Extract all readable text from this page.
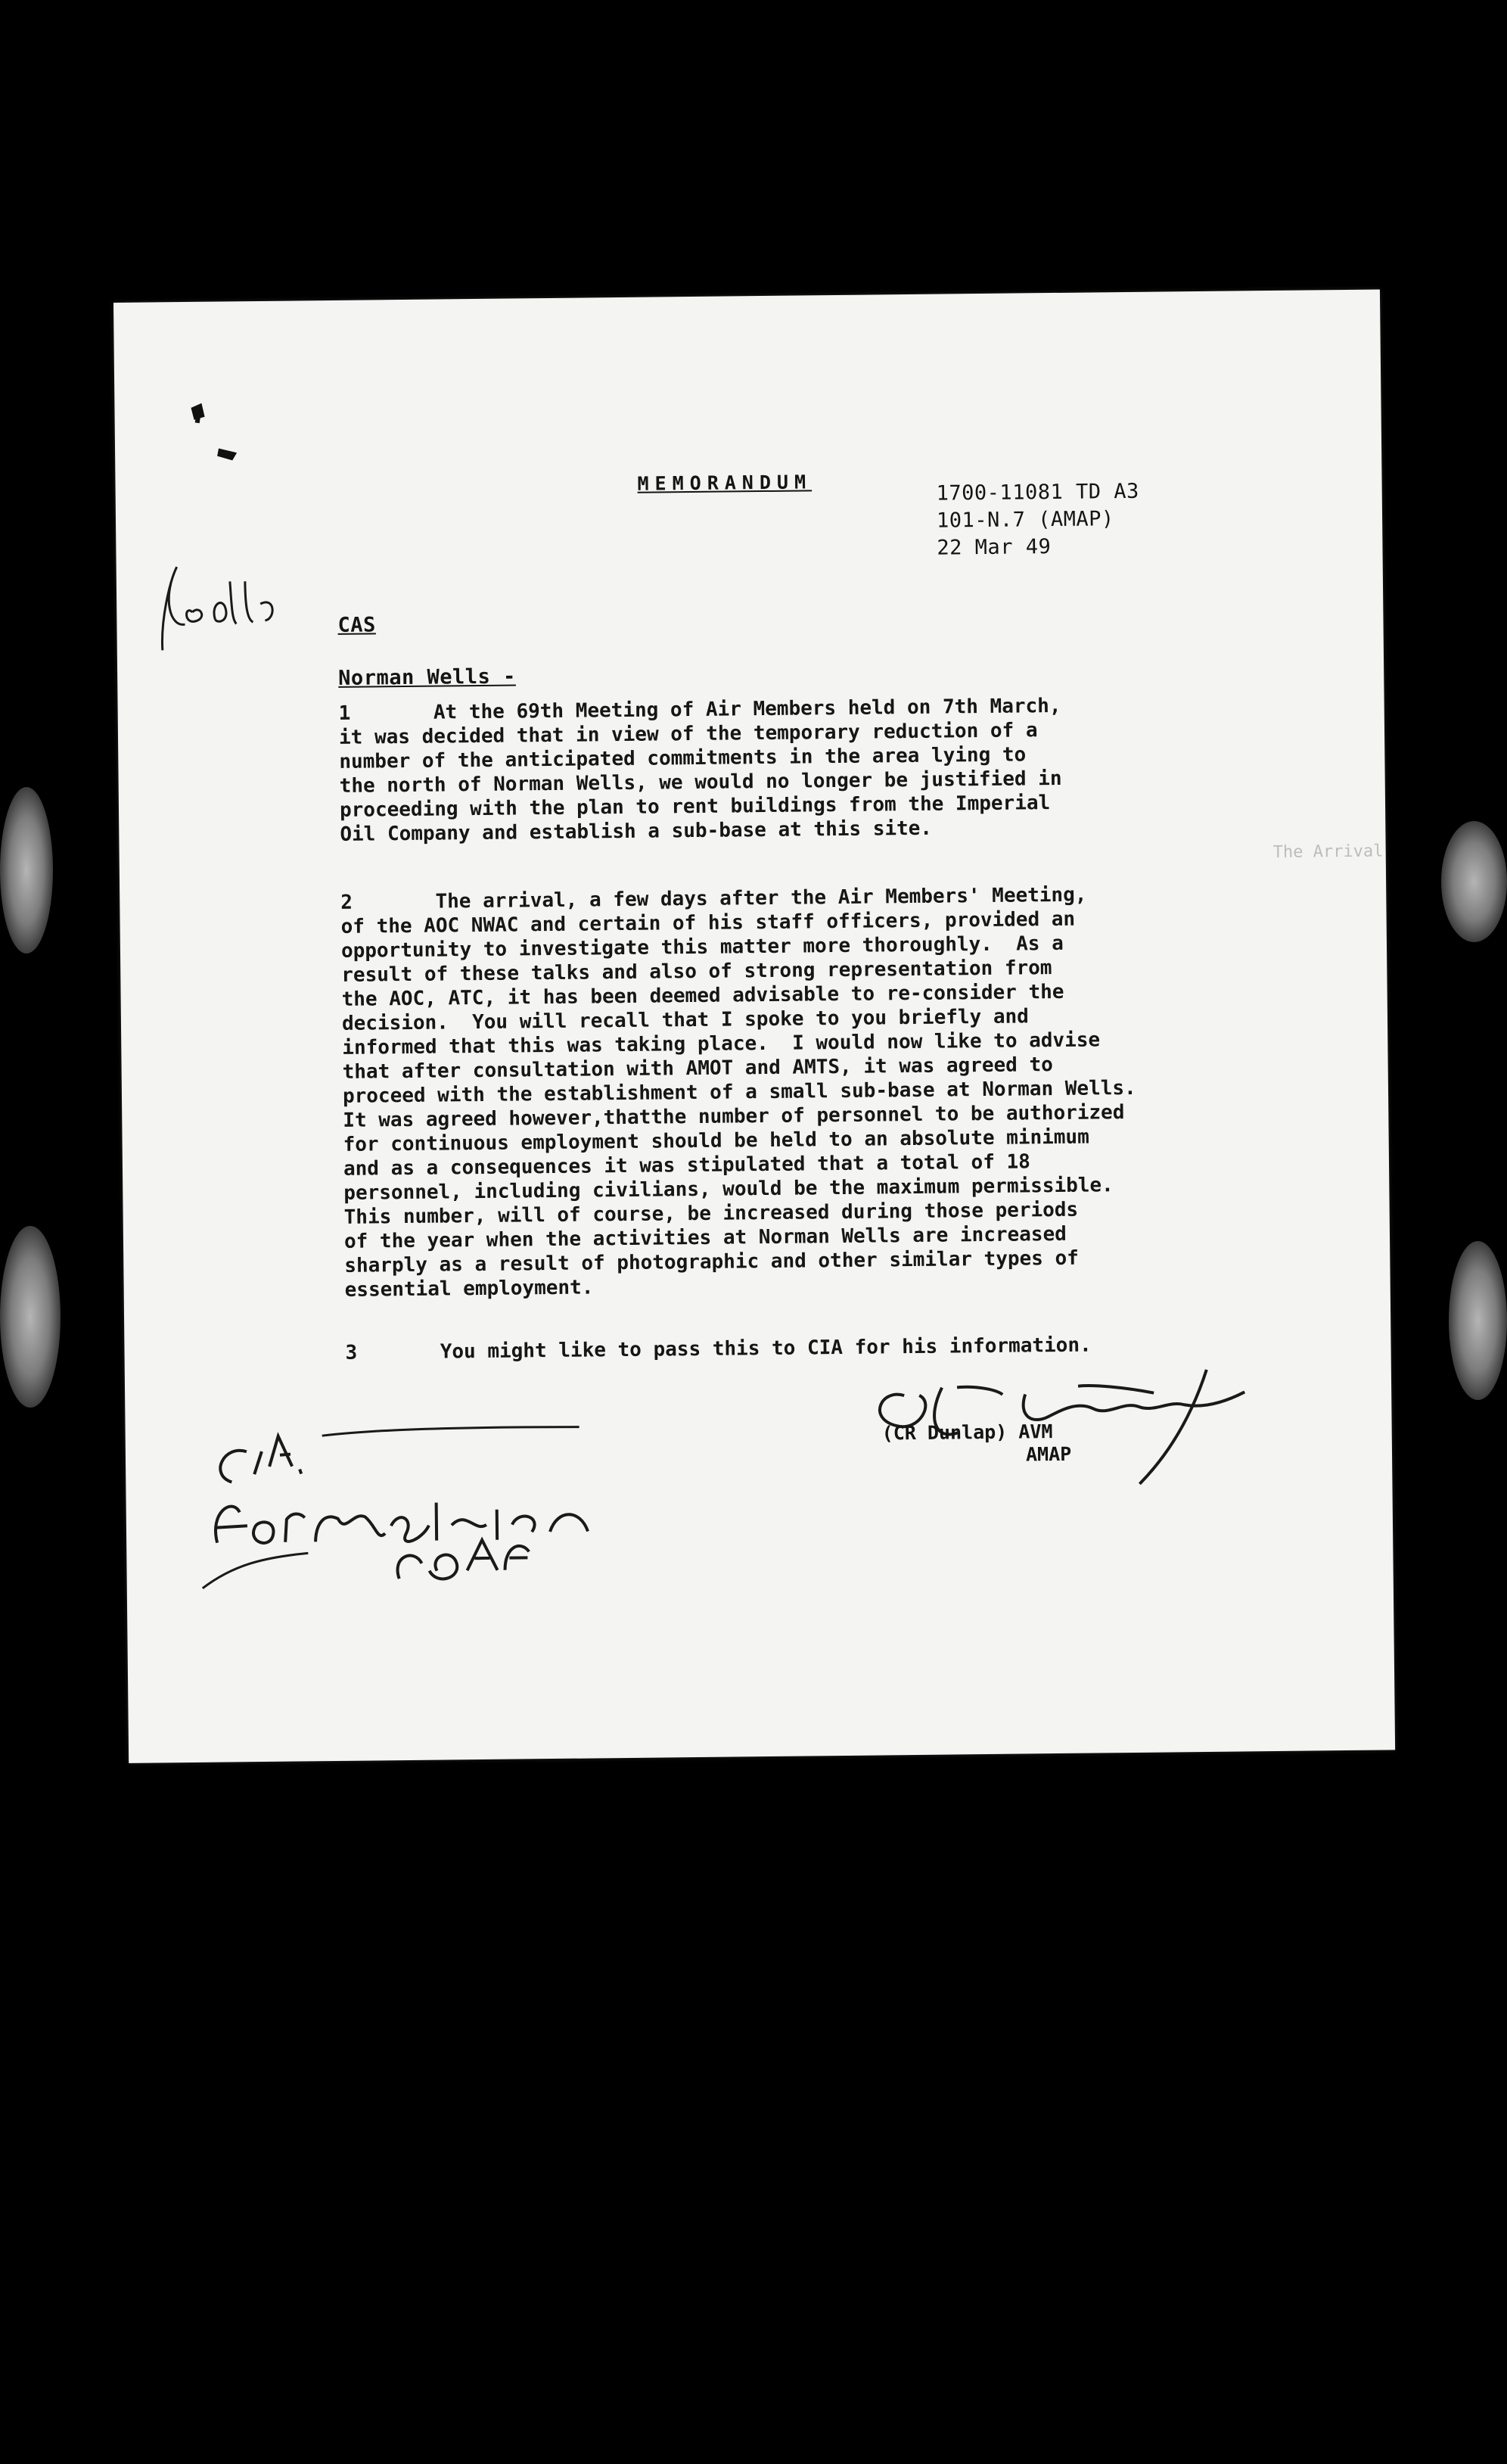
MEMORANDUM	1700-11081 TD A3
101-N.7 (AMAP)
22 Mar 49
CAS
Norman Wells -
1	At the 69th Meeting of Air Members held on 7th March,
it was decided that in view of the temporary reduction of a
number of the anticipated commitments in the area lying to
the north of Norman Wells, we would no longer be justified in
proceeding with the plan to rent buildings from the Imperial
Oil Company and establish a sub-base at this site.
The Arrival
2	The arrival, a few days after the Air Members' Meeting,
of the AOC NWAC and certain of his staff officers, provided an
opportunity to investigate this matter more thoroughly.  As a
result of these talks and also of strong representation from
the AOC, ATC, it has been deemed advisable to re-consider the
decision.  You will recall that I spoke to you briefly and
informed that this was taking place.  I would now like to advise
that after consultation with AMOT and AMTS, it was agreed to
proceed with the establishment of a small sub-base at Norman Wells.
It was agreed however,thatthe number of personnel to be authorized
for continuous employment should be held to an absolute minimum
and as a consequences it was stipulated that a total of 18
personnel, including civilians, would be the maximum permissible.
This number, will of course, be increased during those periods
of the year when the activities at Norman Wells are increased
sharply as a result of photographic and other similar types of
essential employment.
3	You might like to pass this to CIA for his information.
(CR Dunlap) AVM
AMAP
